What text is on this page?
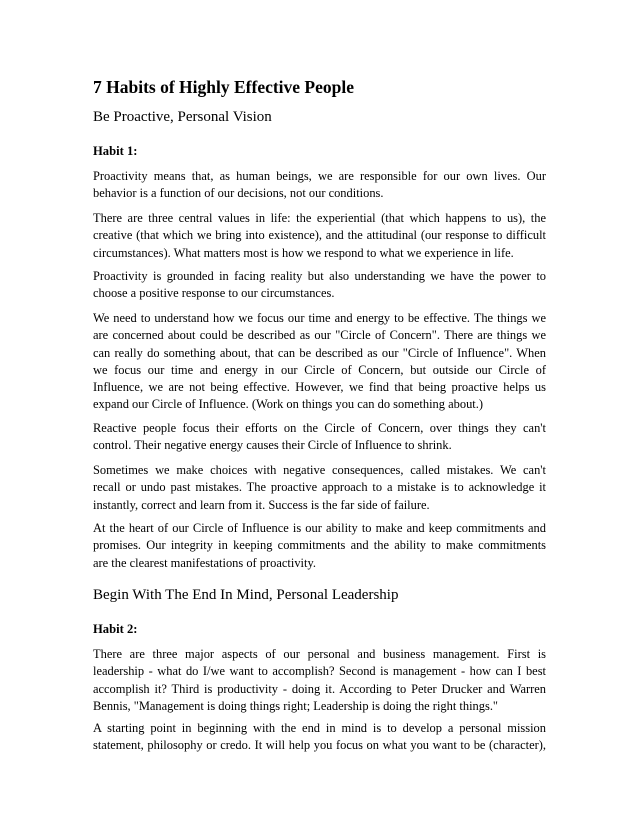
7 Habits of Highly Effective People
Be Proactive, Personal Vision
Habit 1:
Proactivity means that, as human beings, we are responsible for our own lives. Our
behavior is a function of our decisions, not our conditions.
There are three central values in life: the experiential (that which happens to us), the
creative (that which we bring into existence), and the attitudinal (our response to difficult
circumstances). What matters most is how we respond to what we experience in life.
Proactivity is grounded in facing reality but also understanding we have the power to
choose a positive response to our circumstances.
We need to understand how we focus our time and energy to be effective. The things we
are concerned about could be described as our "Circle of Concern". There are things we
can really do something about, that can be described as our "Circle of Influence". When
we focus our time and energy in our Circle of Concern, but outside our Circle of
Influence, we are not being effective. However, we find that being proactive helps us
expand our Circle of Influence. (Work on things you can do something about.)
Reactive people focus their efforts on the Circle of Concern, over things they can't
control. Their negative energy causes their Circle of Influence to shrink.
Sometimes we make choices with negative consequences, called mistakes. We can't
recall or undo past mistakes. The proactive approach to a mistake is to acknowledge it
instantly, correct and learn from it. Success is the far side of failure.
At the heart of our Circle of Influence is our ability to make and keep commitments and
promises. Our integrity in keeping commitments and the ability to make commitments
are the clearest manifestations of proactivity.
Begin With The End In Mind, Personal Leadership
Habit 2:
There are three major aspects of our personal and business management. First is
leadership - what do I/we want to accomplish? Second is management - how can I best
accomplish it? Third is productivity - doing it. According to Peter Drucker and Warren
Bennis, "Management is doing things right; Leadership is doing the right things."
A starting point in beginning with the end in mind is to develop a personal mission
statement, philosophy or credo. It will help you focus on what you want to be (character),
